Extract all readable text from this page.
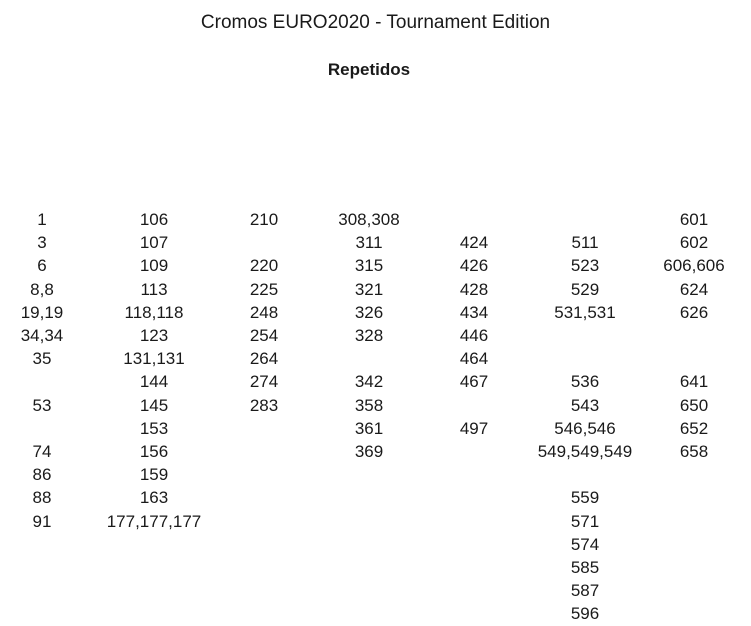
Cromos EURO2020 - Tournament Edition
Repetidos
1
3
6
8,8
19,19
34,34
35
53
74
86
88
91
106
107
109
113
118,118
123
131,131
144
145
153
156
159
163
177,177,177
210
220
225
248
254
264
274
283
308,308
311
315
321
326
328
342
358
361
369
424
426
428
434
446
464
467
497
511
523
529
531,531
536
543
546,546
549,549,549
559
571
574
585
587
596
601
602
606,606
624
626
641
650
652
658
